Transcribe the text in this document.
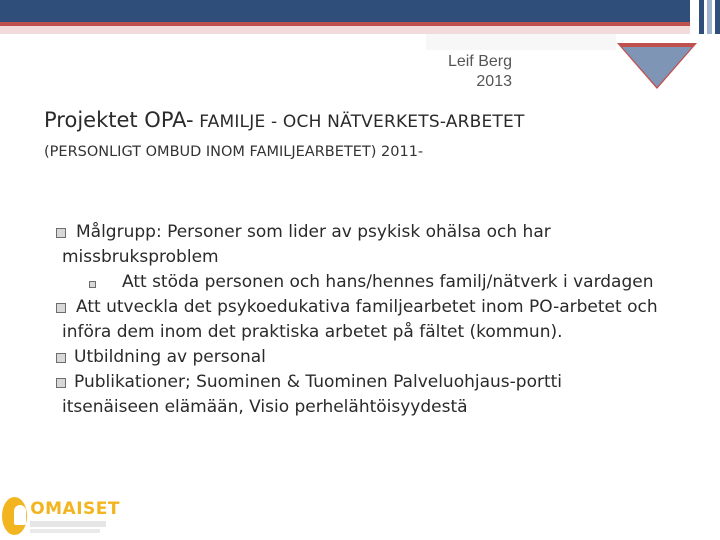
Leif Berg
2013
Projektet OPA- FAMILJE - OCH NÄTVERKETS-ARBETET
(PERSONLIGT OMBUD INOM FAMILJEARBETET) 2011-

Målgrupp: Personer som lider av psykisk ohälsa och har missbruksproblem

Att stöda personen och hans/hennes familj/nätverk i vardagen

Att utveckla det psykoedukativa familjearbetet inom PO-arbetet och införa dem inom det praktiska arbetet på fältet (kommun).

Utbildning av personal

Publikationer; Suominen & Tuominen Palveluohjaus-portti itsenäiseen elämään, Visio perhelähtöisyydestä

OMAISET
